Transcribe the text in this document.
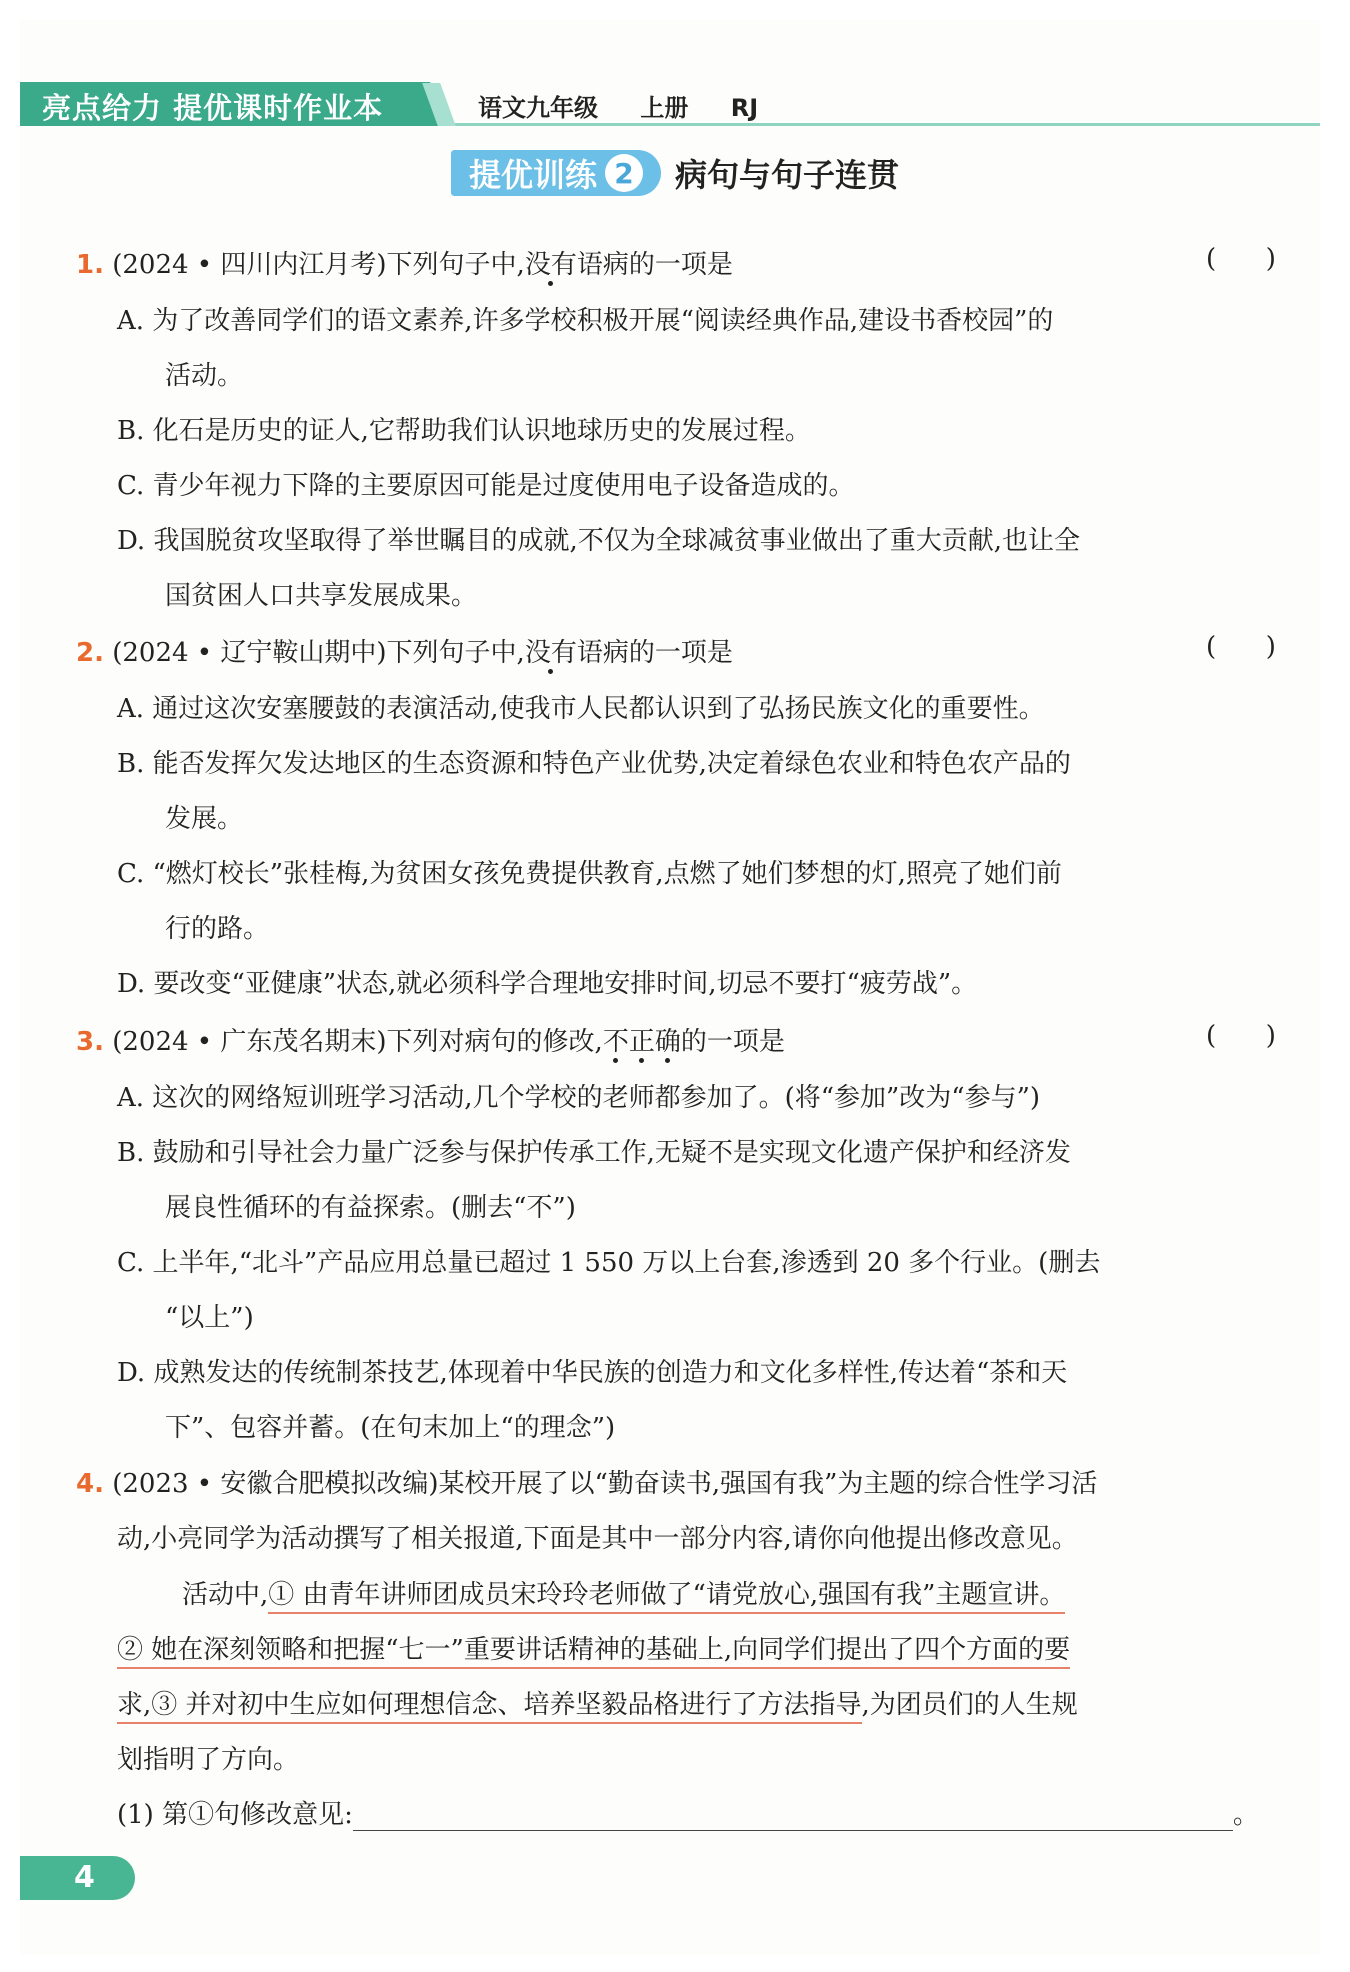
亮点给力 提优课时作业本	语文九年级 上册 RJ
提优训练 2 病句与句子连贯
1. (2024 • 四川内江月考)下列句子中,没有语病的一项是	(      )
A. 为了改善同学们的语文素养,许多学校积极开展“阅读经典作品,建设书香校园”的
活动。
B. 化石是历史的证人,它帮助我们认识地球历史的发展过程。
C. 青少年视力下降的主要原因可能是过度使用电子设备造成的。
D. 我国脱贫攻坚取得了举世瞩目的成就,不仅为全球减贫事业做出了重大贡献,也让全
国贫困人口共享发展成果。
2. (2024 • 辽宁鞍山期中)下列句子中,没有语病的一项是	(      )
A. 通过这次安塞腰鼓的表演活动,使我市人民都认识到了弘扬民族文化的重要性。
B. 能否发挥欠发达地区的生态资源和特色产业优势,决定着绿色农业和特色农产品的
发展。
C. “燃灯校长”张桂梅,为贫困女孩免费提供教育,点燃了她们梦想的灯,照亮了她们前
行的路。
D. 要改变“亚健康”状态,就必须科学合理地安排时间,切忌不要打“疲劳战”。
3. (2024 • 广东茂名期末)下列对病句的修改,不正确的一项是	(      )
A. 这次的网络短训班学习活动,几个学校的老师都参加了。(将“参加”改为“参与”)
B. 鼓励和引导社会力量广泛参与保护传承工作,无疑不是实现文化遗产保护和经济发
展良性循环的有益探索。(删去“不”)
C. 上半年,“北斗”产品应用总量已超过 1 550 万以上台套,渗透到 20 多个行业。(删去
“以上”)
D. 成熟发达的传统制茶技艺,体现着中华民族的创造力和文化多样性,传达着“茶和天
下”、包容并蓄。(在句末加上“的理念”)
4. (2023 • 安徽合肥模拟改编)某校开展了以“勤奋读书,强国有我”为主题的综合性学习活
动,小亮同学为活动撰写了相关报道,下面是其中一部分内容,请你向他提出修改意见。
活动中,① 由青年讲师团成员宋玲玲老师做了“请党放心,强国有我”主题宣讲。
② 她在深刻领略和把握“七一”重要讲话精神的基础上,向同学们提出了四个方面的要
求,③ 并对初中生应如何理想信念、培养坚毅品格进行了方法指导,为团员们的人生规
划指明了方向。
(1) 第①句修改意见:	。
4
